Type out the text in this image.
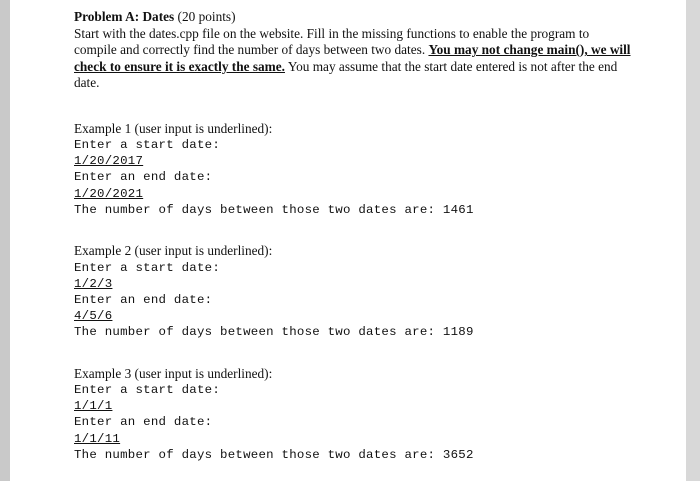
Problem A: Dates (20 points)
Start with the dates.cpp file on the website. Fill in the missing functions to enable the program to compile and correctly find the number of days between two dates. You may not change main(), we will check to ensure it is exactly the same. You may assume that the start date entered is not after the end date.
Example 1 (user input is underlined):
Enter a start date:
1/20/2017
Enter an end date:
1/20/2021
The number of days between those two dates are: 1461
Example 2 (user input is underlined):
Enter a start date:
1/2/3
Enter an end date:
4/5/6
The number of days between those two dates are: 1189
Example 3 (user input is underlined):
Enter a start date:
1/1/1
Enter an end date:
1/1/11
The number of days between those two dates are: 3652
